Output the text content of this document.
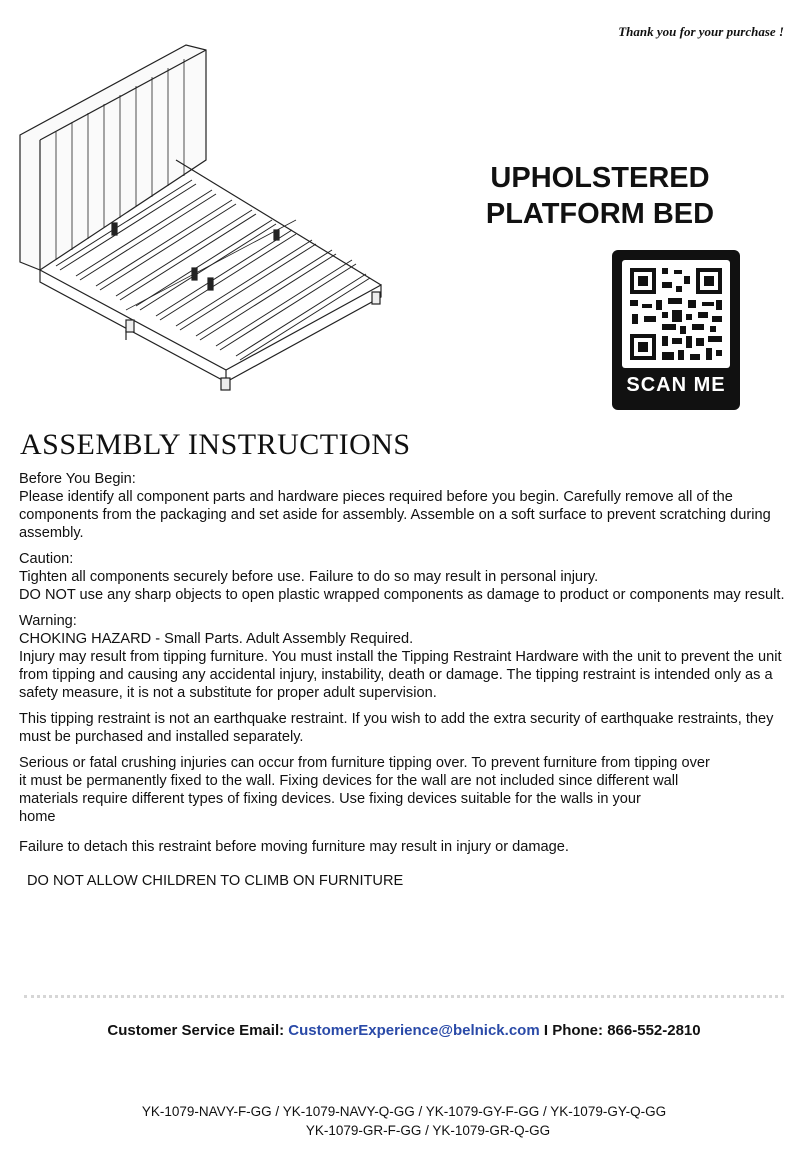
Thank you for your purchase !
UPHOLSTERED
PLATFORM BED
SCAN ME
ASSEMBLY INSTRUCTIONS

Before You Begin:
Please identify all component parts and hardware pieces required before you begin. Carefully remove all of the components from the packaging and set aside for assembly. Assemble on a soft surface to prevent scratching during assembly.

Caution:
Tighten all components securely before use. Failure to do so may result in personal injury.
DO NOT use any sharp objects to open plastic wrapped components as damage to product or components may result.

Warning:
CHOKING HAZARD - Small Parts. Adult Assembly Required.
Injury may result from tipping furniture. You must install the Tipping Restraint Hardware with the unit to prevent the unit from tipping and causing any accidental injury, instability, death or damage. The tipping restraint is intended only as a safety measure, it is not a substitute for proper adult supervision.

This tipping restraint is not an earthquake restraint. If you wish to add the extra security of earthquake restraints, they must be purchased and installed separately.

Serious or fatal crushing injuries can occur from furniture tipping over. To prevent furniture from tipping over
it must be permanently fixed to the wall. Fixing devices for the wall are not included since different wall
materials require different types of fixing devices. Use fixing devices suitable for the walls in your
home

Failure to detach this restraint before moving furniture may result in injury or damage.

DO NOT ALLOW CHILDREN TO CLIMB ON FURNITURE

Customer Service Email: CustomerExperience@belnick.com I Phone: 866-552-2810
YK-1079-NAVY-F-GG / YK-1079-NAVY-Q-GG / YK-1079-GY-F-GG / YK-1079-GY-Q-GG
YK-1079-GR-F-GG / YK-1079-GR-Q-GG
